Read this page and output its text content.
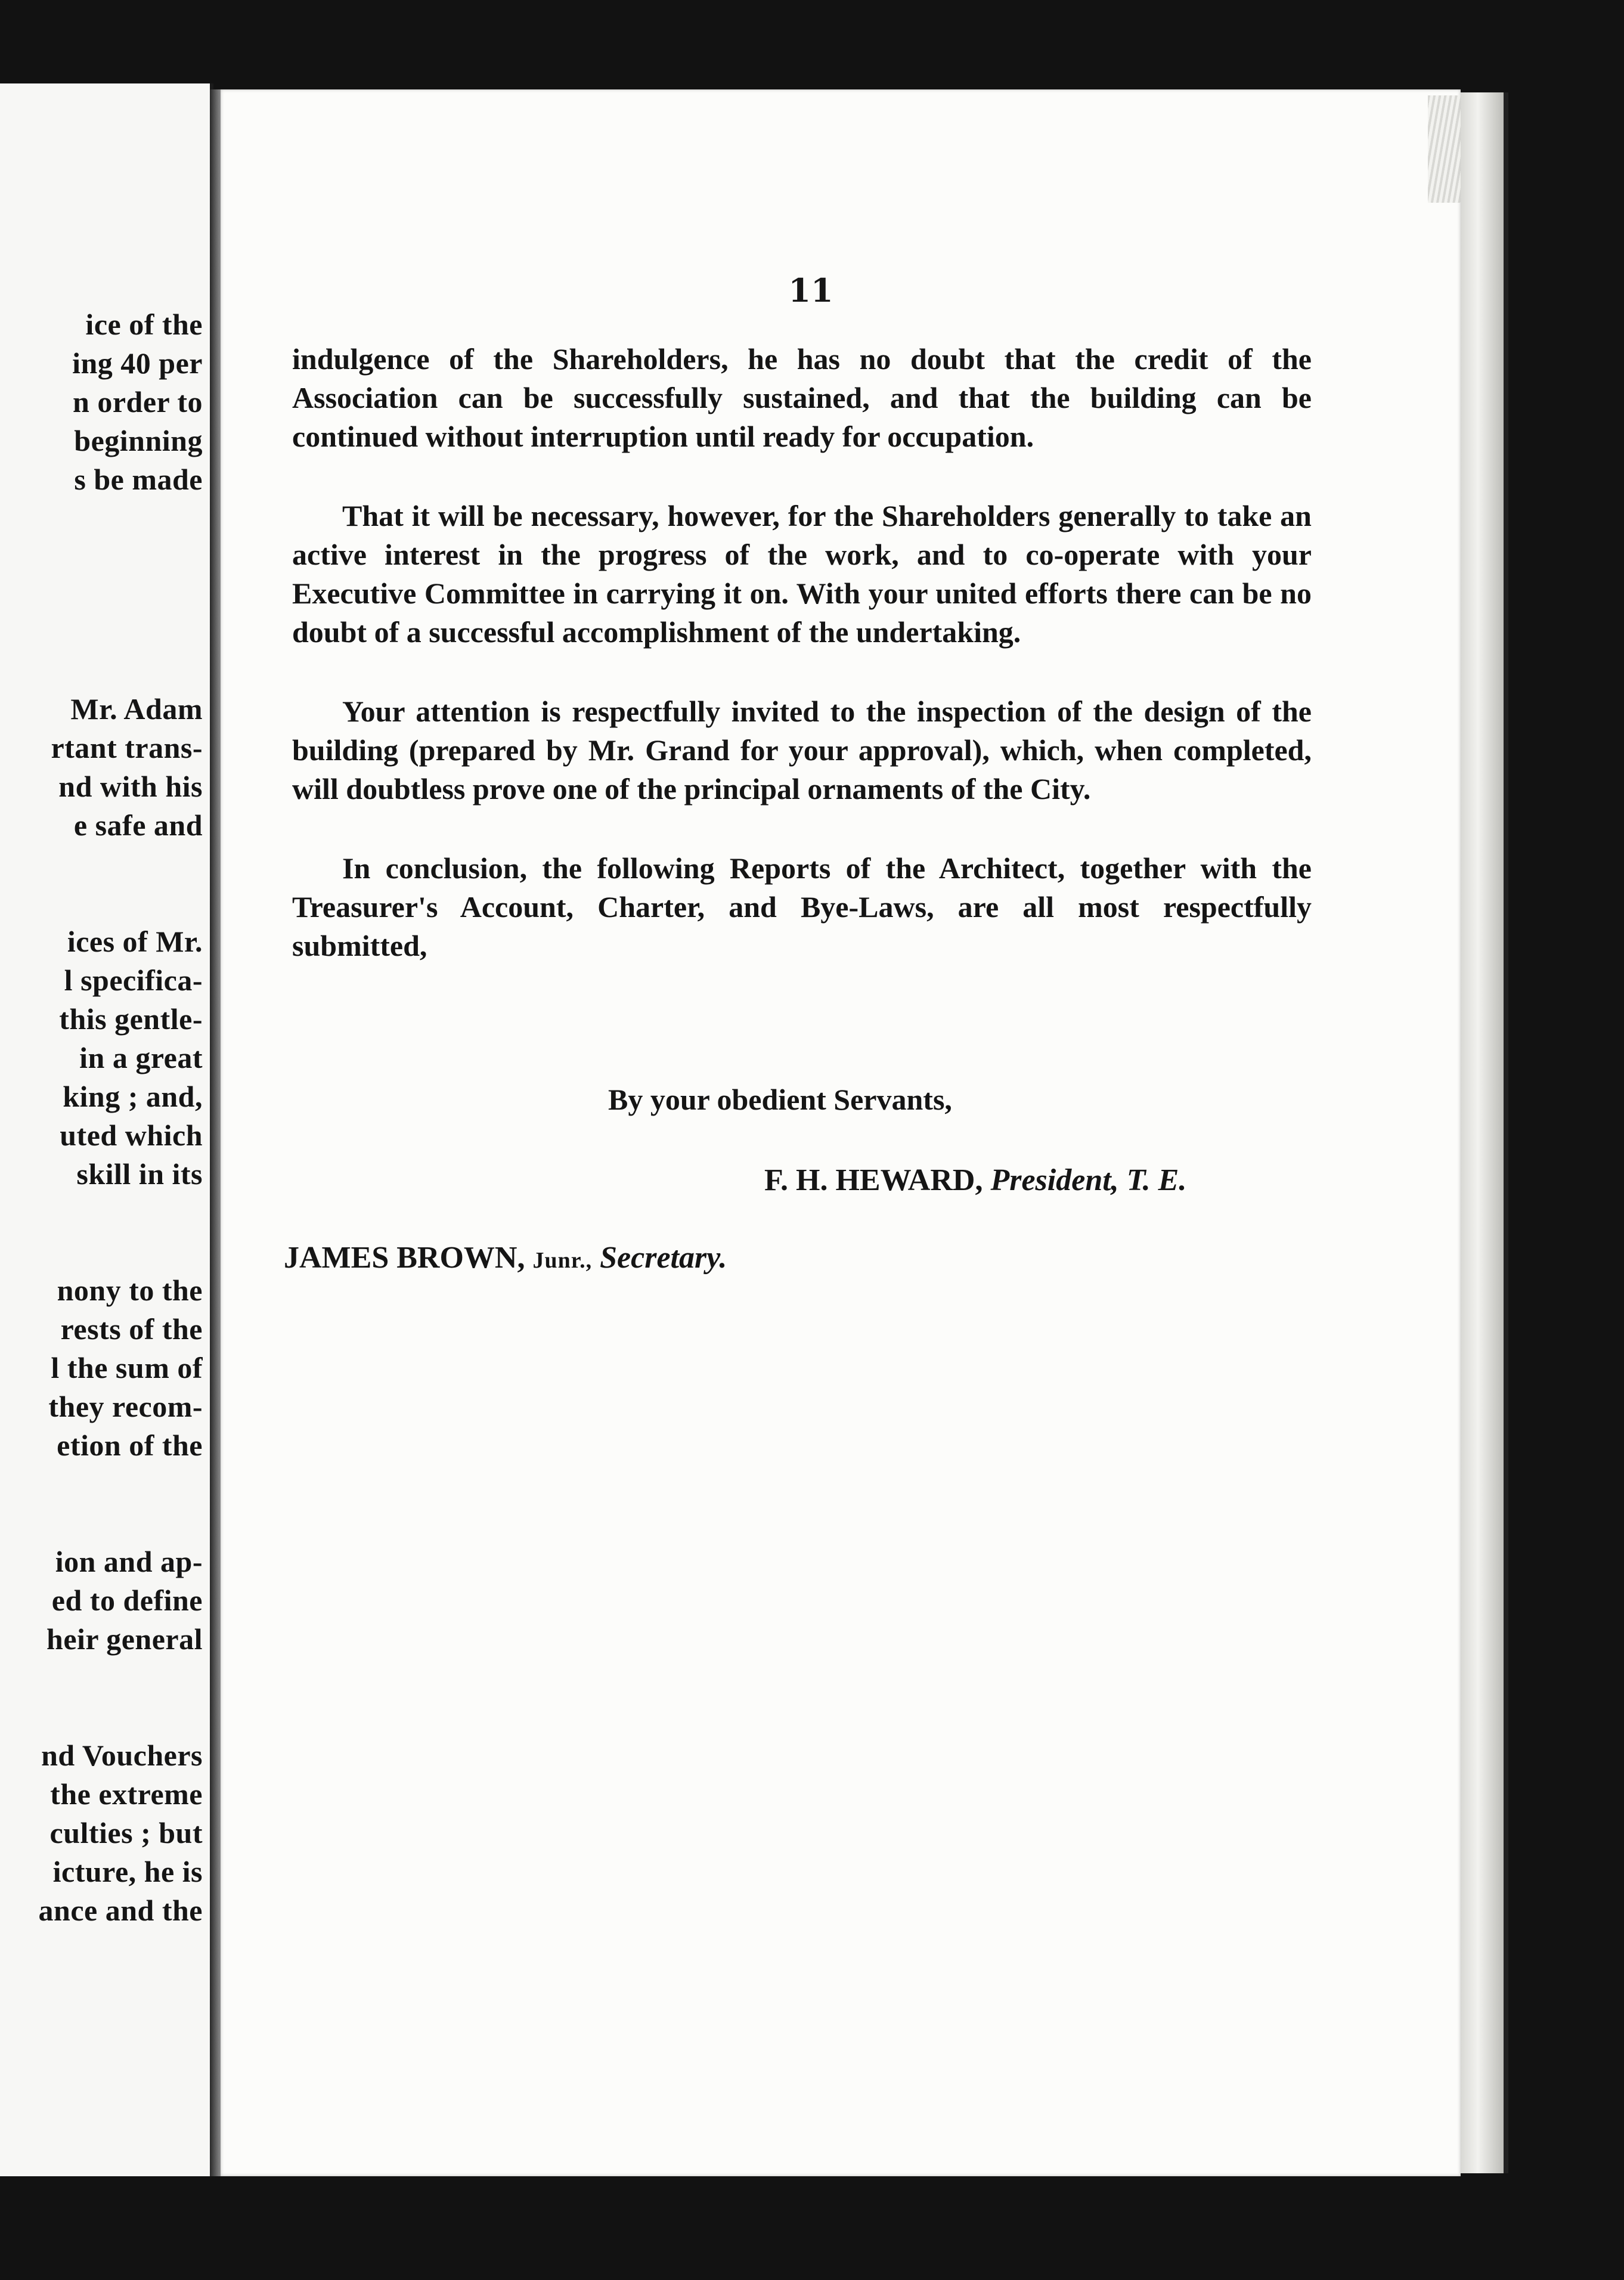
ice of the

ing 40 per

n order to

beginning

s be made

Mr. Adam

rtant trans-

nd with his

e safe and

ices of Mr.

l specifica-

this gentle-

in a great

king ; and,

uted which

skill in its

nony to the

rests of the

l the sum of

they recom-

etion of the

ion and ap-

ed to define

heir general

nd Vouchers

the extreme

culties ; but

icture, he is

ance and the

11

indulgence of the Shareholders, he has no doubt that the credit of the Association can be successfully sustained, and that the building can be continued without interruption until ready for occupation.

That it will be necessary, however, for the Shareholders generally to take an active interest in the progress of the work, and to co-operate with your Executive Committee in carrying it on. With your united efforts there can be no doubt of a successful accomplishment of the undertaking.

Your attention is respectfully invited to the inspection of the design of the building (prepared by Mr. Grand for your approval), which, when completed, will doubtless prove one of the principal ornaments of the City.

In conclusion, the following Reports of the Architect, together with the Treasurer's Account, Charter, and Bye-Laws, are all most respectfully submitted,

By your obedient Servants,

F. H. HEWARD, President, T. E.

JAMES BROWN, Junr., Secretary.
